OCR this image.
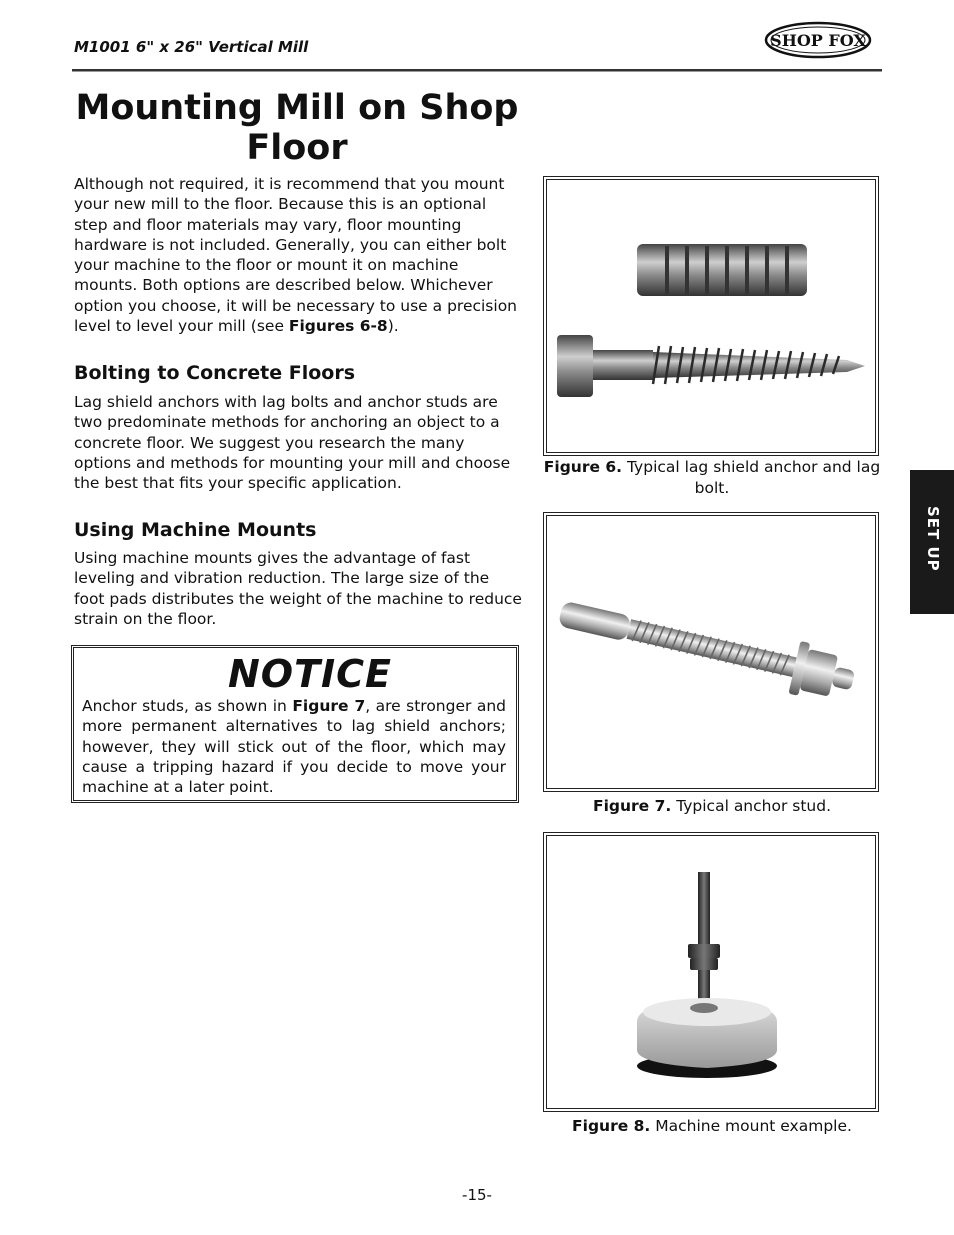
M1001 6" x 26" Vertical Mill	SHOP FOX
Mounting Mill on Shop Floor

Although not required, it is recommend that you mount your new mill to the floor. Because this is an optional step and floor materials may vary, floor mounting hardware is not included. Generally, you can either bolt your machine to the floor or mount it on machine mounts. Both options are described below. Whichever option you choose, it will be necessary to use a precision level to level your mill (see Figures 6-8).

Bolting to Concrete Floors

Lag shield anchors with lag bolts and anchor studs are two predominate methods for anchoring an object to a concrete floor. We suggest you research the many options and methods for mounting your mill and choose the best that fits your specific application.

Using Machine Mounts

Using machine mounts gives the advantage of fast leveling and vibration reduction. The large size of the foot pads distributes the weight of the machine to reduce strain on the floor.

NOTICE

Anchor studs, as shown in Figure 7, are stronger and more permanent alternatives to lag shield anchors; however, they will stick out of the floor, which may cause a tripping hazard if you decide to move your machine at a later point.

Figure 6. Typical lag shield anchor and lag bolt.
Figure 7. Typical anchor stud.
Figure 8. Machine mount example.
SET UP
-15-
